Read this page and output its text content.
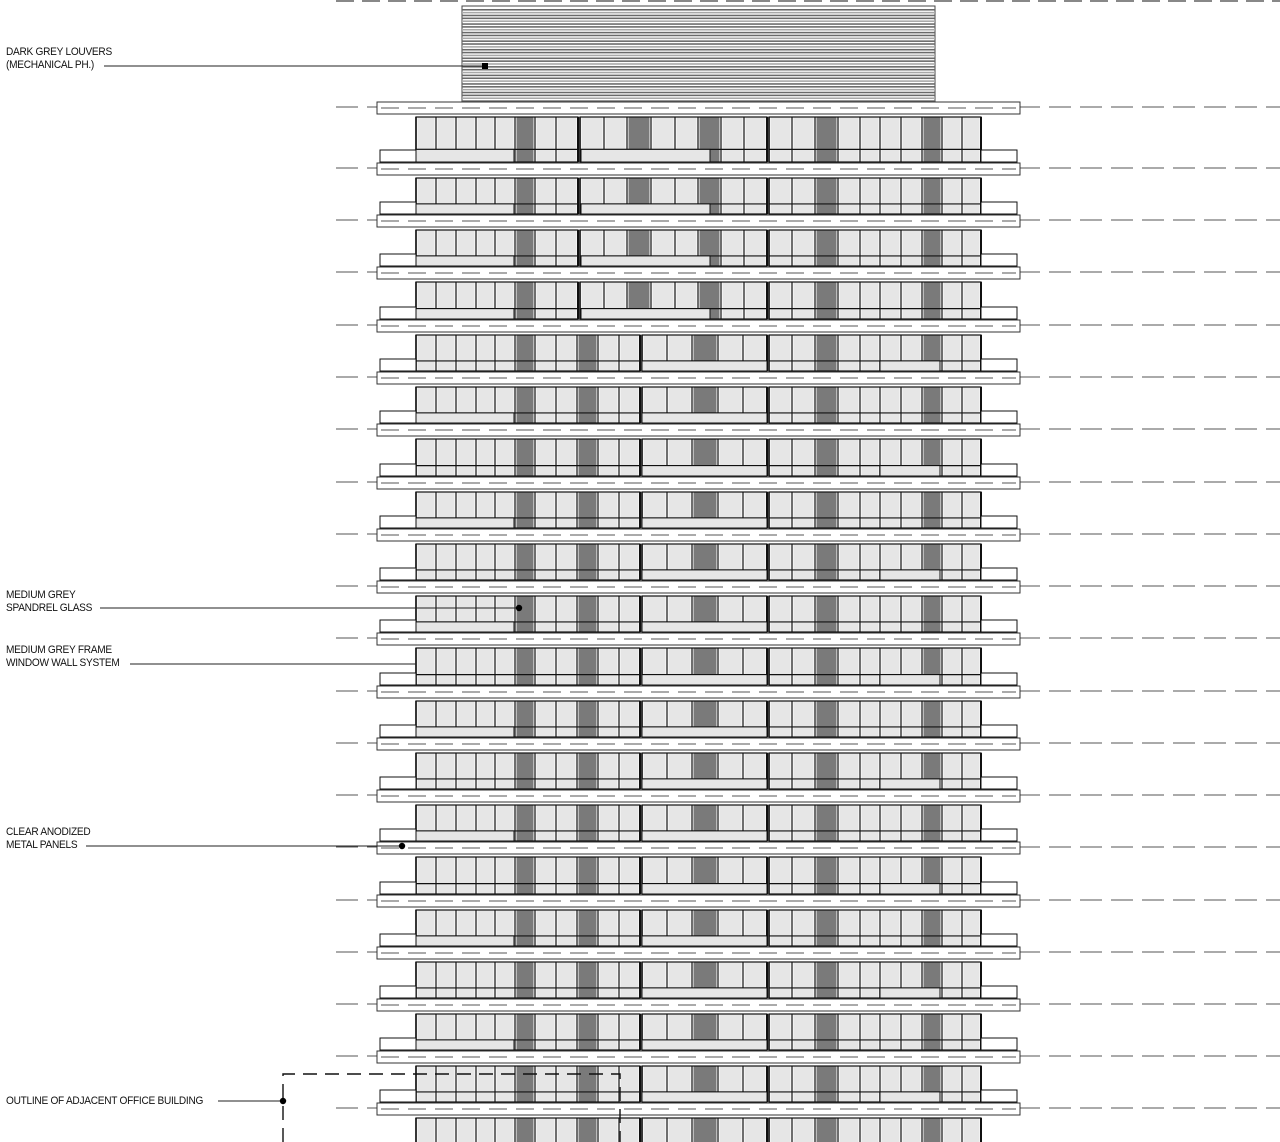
DARK GREY LOUVERS
(MECHANICAL PH.)
MEDIUM GREY
SPANDREL GLASS
MEDIUM GREY FRAME
WINDOW WALL SYSTEM
CLEAR ANODIZED
METAL PANELS
OUTLINE OF ADJACENT OFFICE BUILDING
